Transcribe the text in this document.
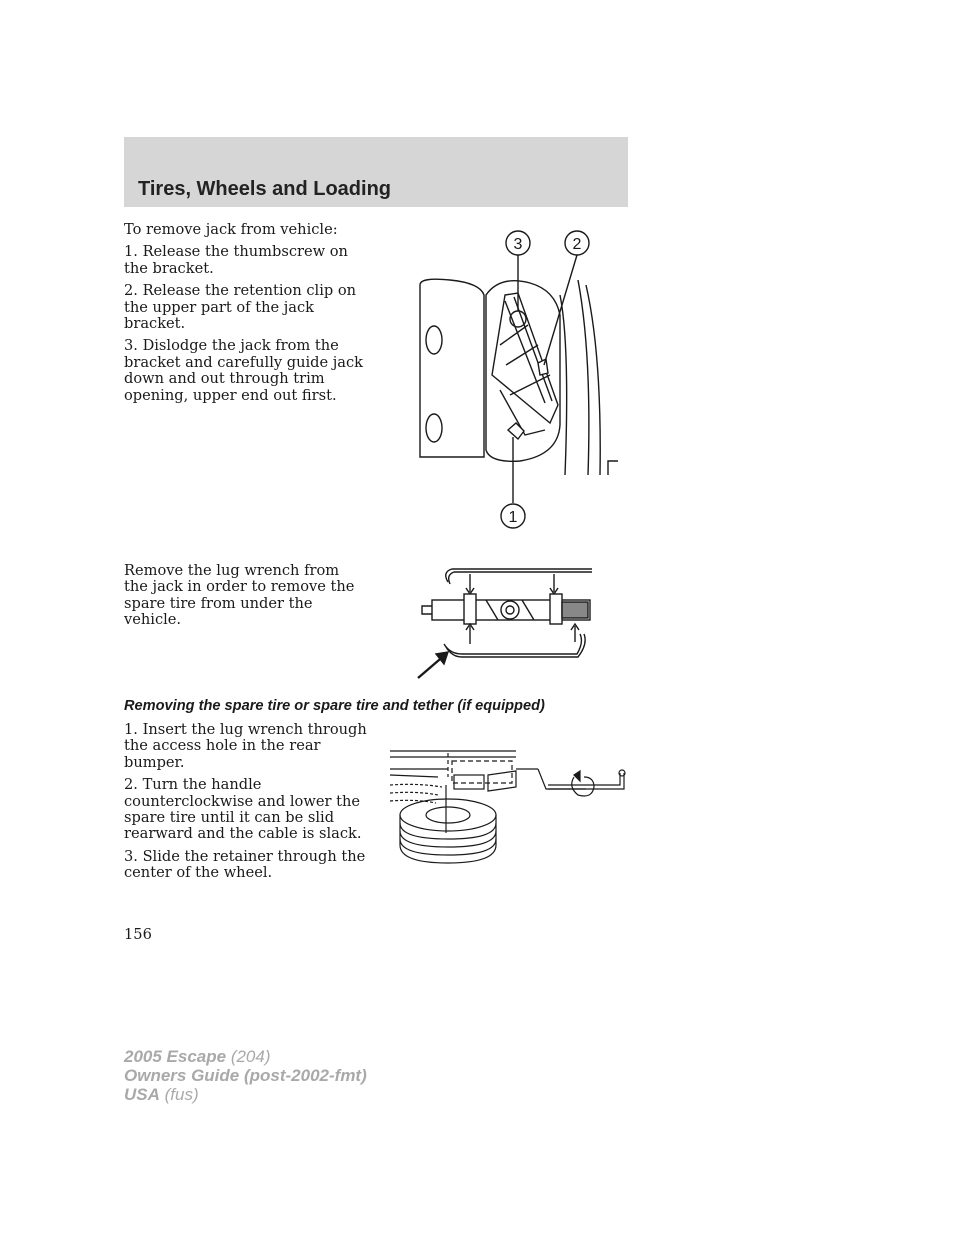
Tires, Wheels and Loading

To remove jack from vehicle:

1. Release the thumbscrew on the bracket.

2. Release the retention clip on the upper part of the jack bracket.

3. Dislodge the jack from the bracket and carefully guide jack down and out through trim opening, upper end out first.

3	2
1

Remove the lug wrench from the jack in order to remove the spare tire from under the vehicle.

Removing the spare tire or spare tire and tether (if equipped)

1. Insert the lug wrench through the access hole in the rear bumper.

2. Turn the handle counterclockwise and lower the spare tire until it can be slid rearward and the cable is slack.

3. Slide the retainer through the center of the wheel.

156
2005 Escape (204)
Owners Guide (post-2002-fmt)
USA (fus)
